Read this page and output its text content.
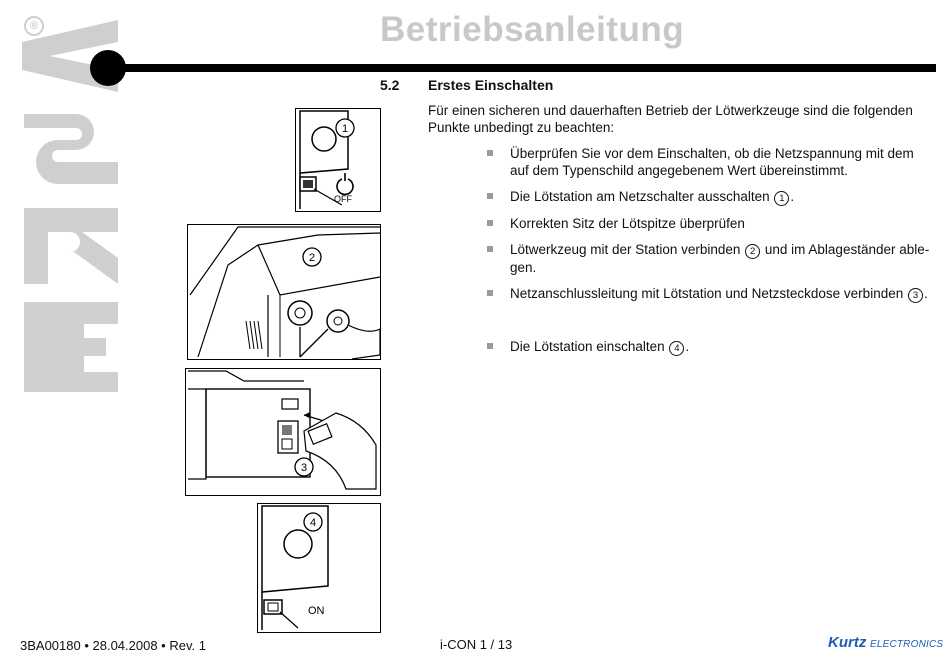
®	Betriebsanleitung
5.2 Erstes Einschalten
Für einen sicheren und dauerhaften Betrieb der Lötwerkzeuge sind die folgenden Punkte unbedingt zu beachten:
Überprüfen Sie vor dem Einschalten, ob die Netzspannung mit dem auf dem Typenschild angegebenem Wert übereinstimmt.
Die Lötstation am Netzschalter ausschalten 1 .
Korrekten Sitz der Lötspitze überprüfen
Lötwerkzeug mit der Station verbinden 2 und im Ablageständer able-gen.
Netzanschlussleitung mit Lötstation und Netzsteckdose verbinden 3 .
Die Lötstation einschalten 4 .
1
OFF
2
3
4
ON
3BA00180 • 28.04.2008 • Rev. 1	i-CON 1 / 13	Kurtz ELECTRONICS
